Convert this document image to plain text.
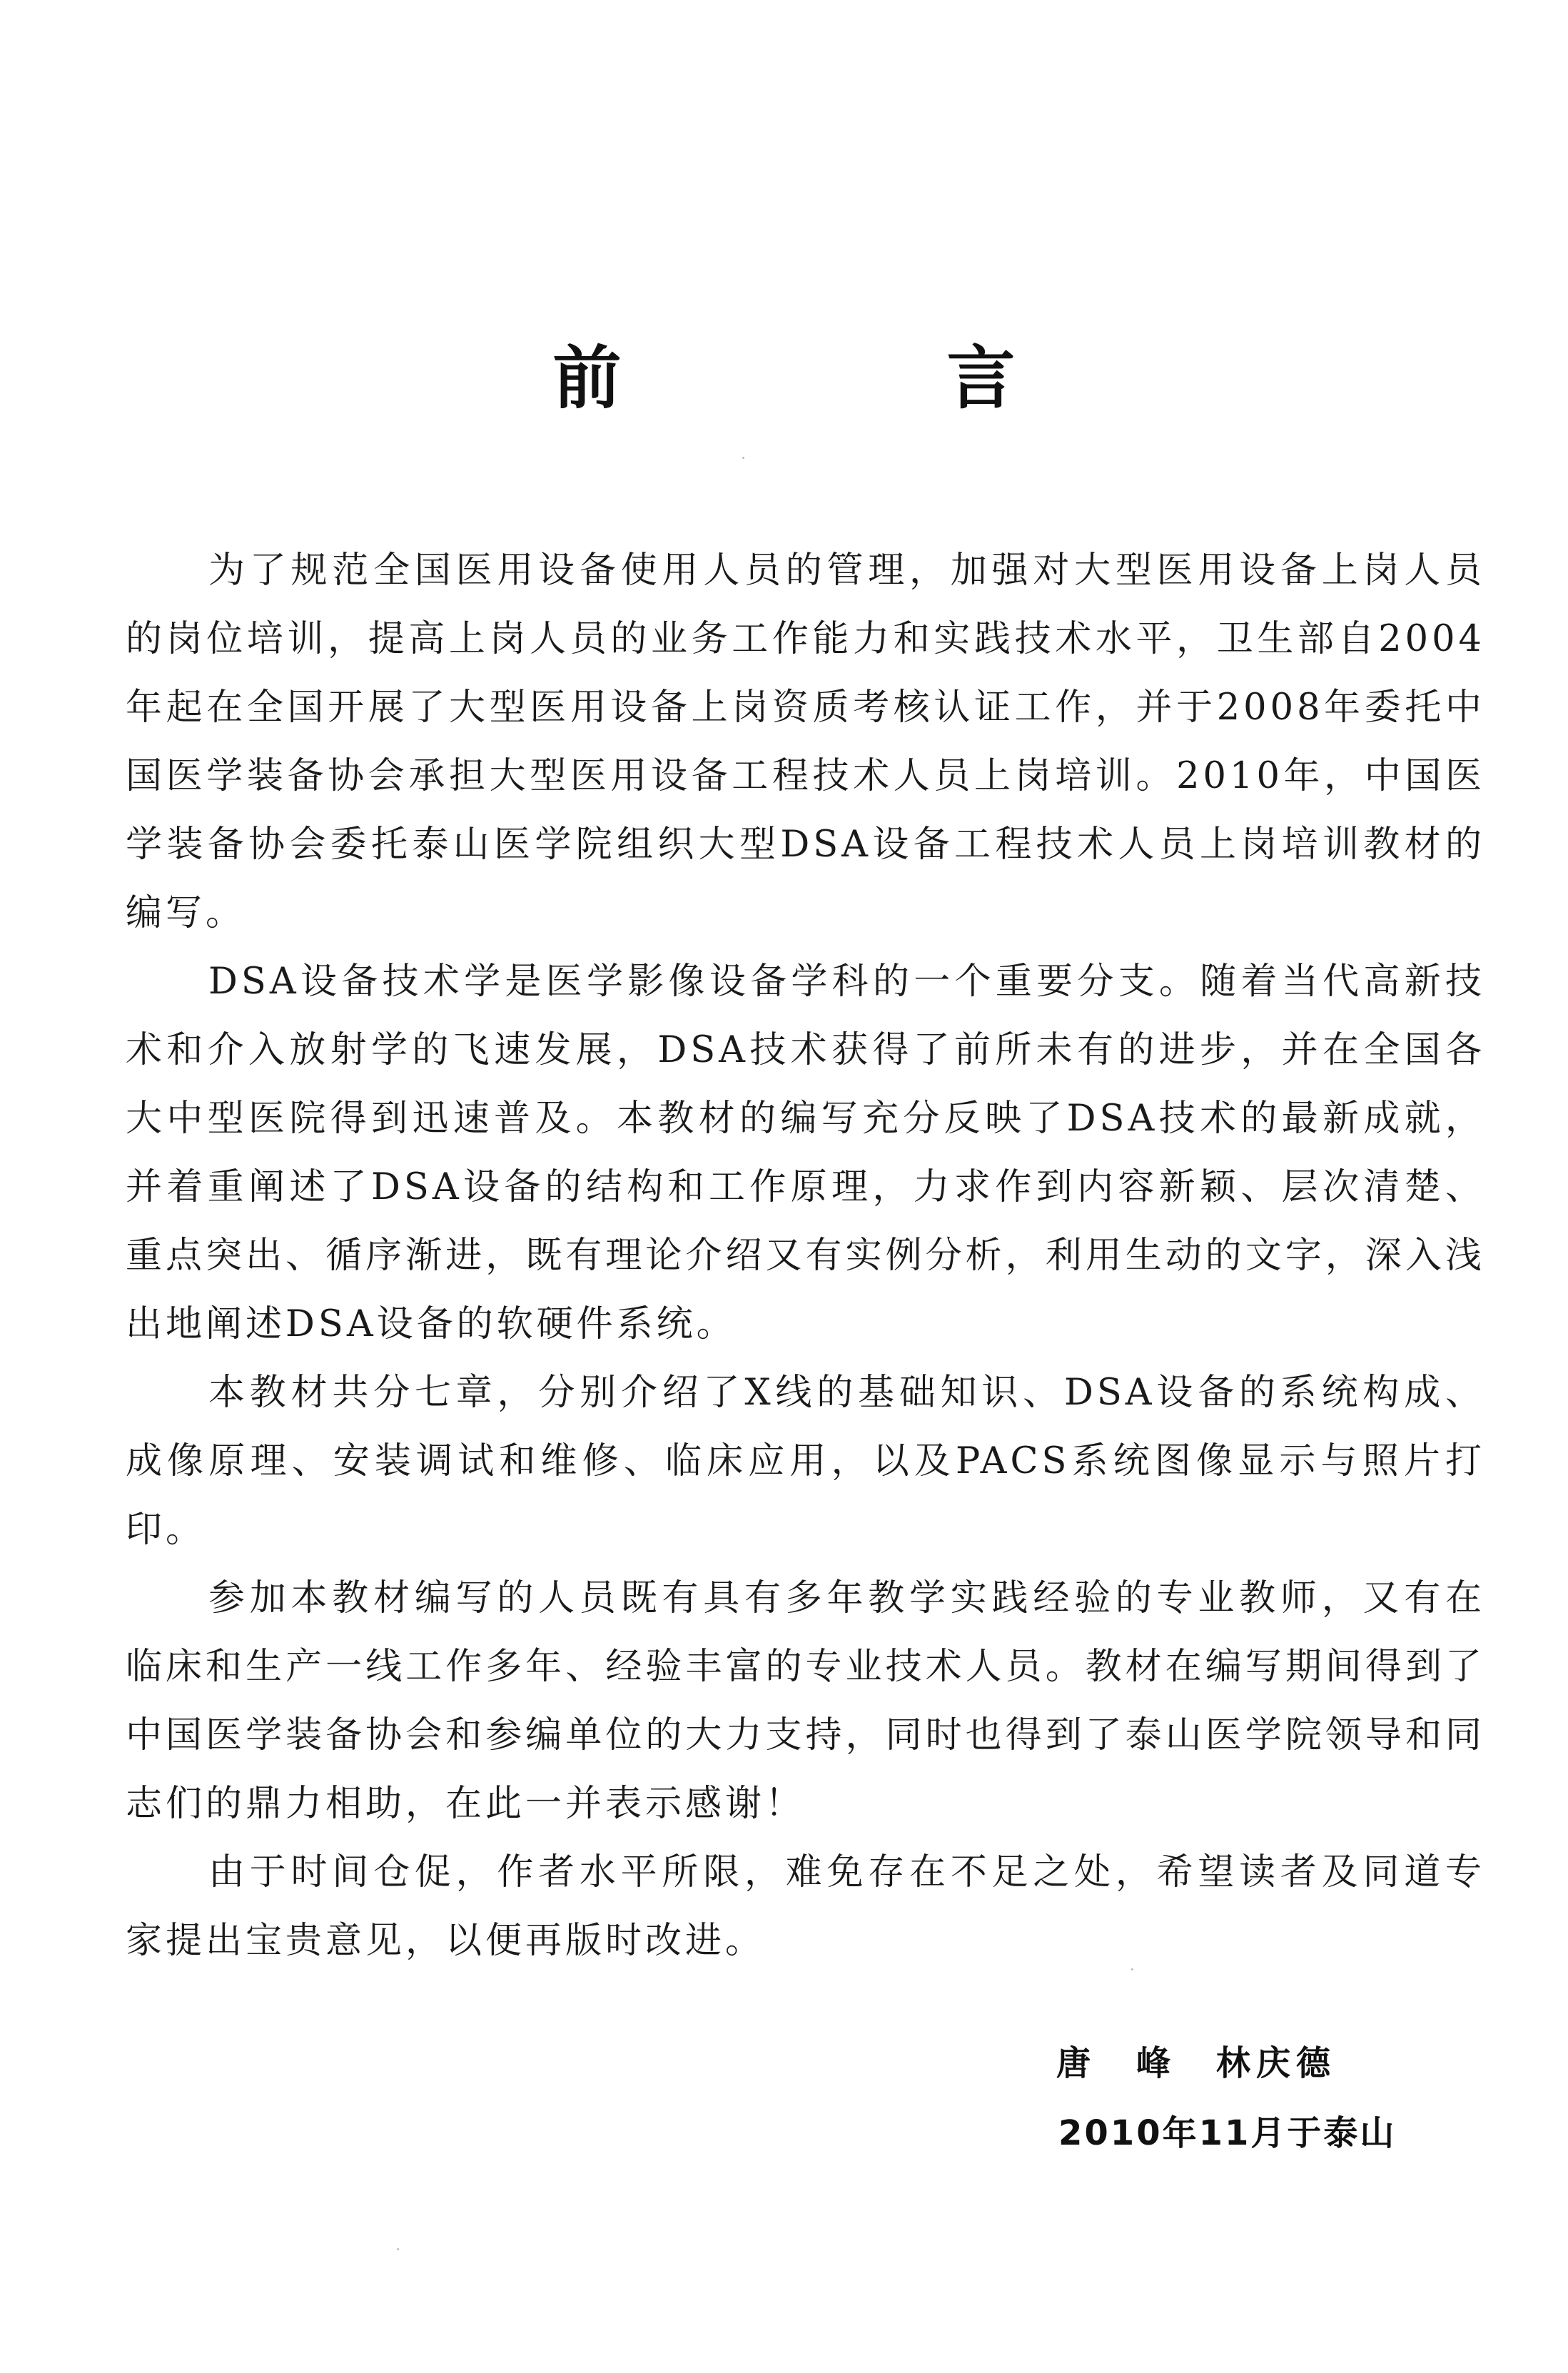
前　言

为了规范全国医用设备使用人员的管理，加强对大型医用设备上岗人员的岗位培训，提高上岗人员的业务工作能力和实践技术水平，卫生部自2004年起在全国开展了大型医用设备上岗资质考核认证工作，并于2008年委托中国医学装备协会承担大型医用设备工程技术人员上岗培训。2010年，中国医学装备协会委托泰山医学院组织大型DSA设备工程技术人员上岗培训教材的编写。

DSA设备技术学是医学影像设备学科的一个重要分支。随着当代高新技术和介入放射学的飞速发展，DSA技术获得了前所未有的进步，并在全国各大中型医院得到迅速普及。本教材的编写充分反映了DSA技术的最新成就，并着重阐述了DSA设备的结构和工作原理，力求作到内容新颖、层次清楚、重点突出、循序渐进，既有理论介绍又有实例分析，利用生动的文字，深入浅出地阐述DSA设备的软硬件系统。

本教材共分七章，分别介绍了X线的基础知识、DSA设备的系统构成、成像原理、安装调试和维修、临床应用，以及PACS系统图像显示与照片打印。

参加本教材编写的人员既有具有多年教学实践经验的专业教师，又有在临床和生产一线工作多年、经验丰富的专业技术人员。教材在编写期间得到了中国医学装备协会和参编单位的大力支持，同时也得到了泰山医学院领导和同志们的鼎力相助，在此一并表示感谢！

由于时间仓促，作者水平所限，难免存在不足之处，希望读者及同道专家提出宝贵意见，以便再版时改进。

唐　峰　林庆德
2010年11月于泰山
